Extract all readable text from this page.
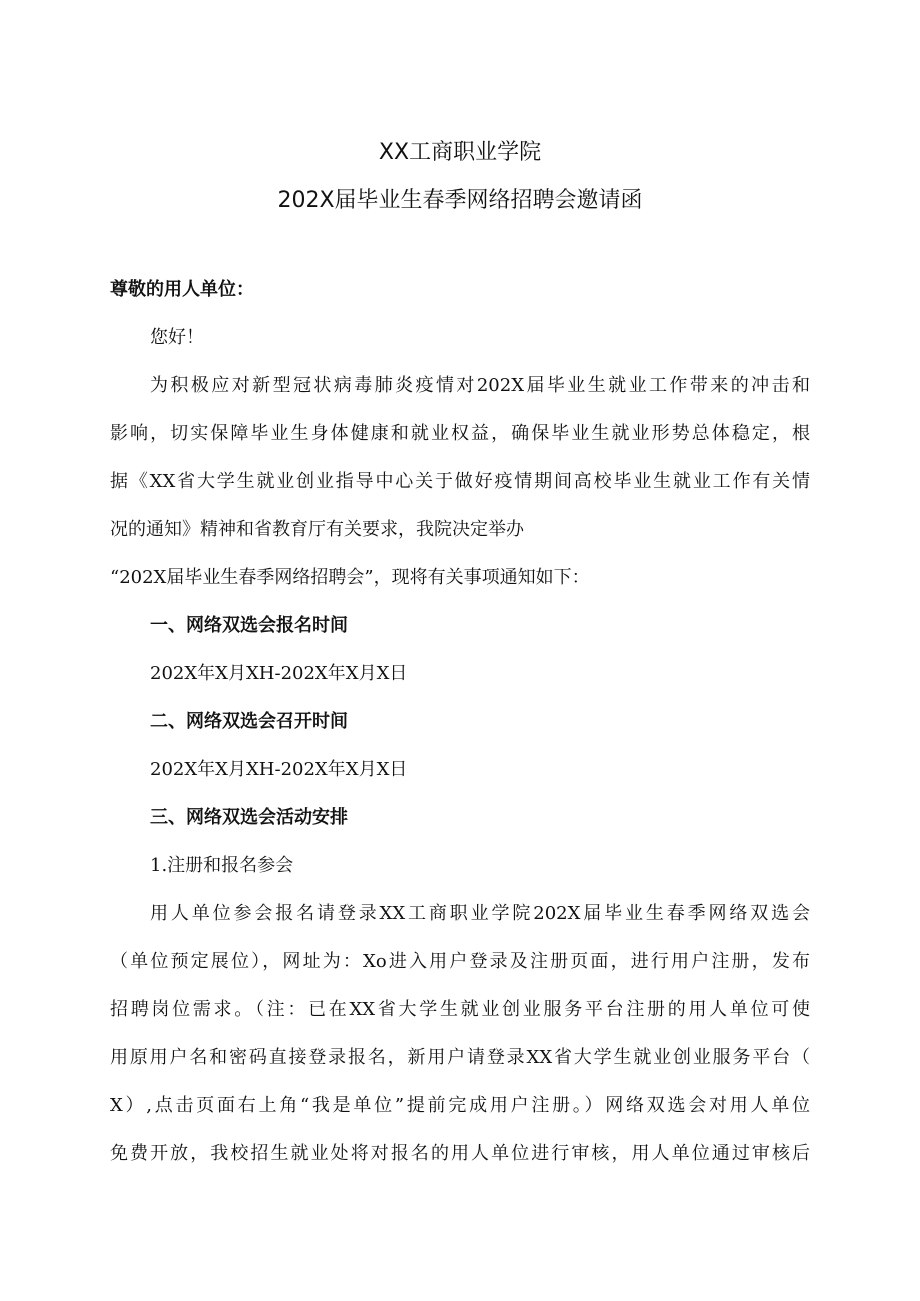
XX工商职业学院
202X届毕业生春季网络招聘会邀请函
尊敬的用人单位：
您好！
为积极应对新型冠状病毒肺炎疫情对202X届毕业生就业工作带来的冲击和
影响，切实保障毕业生身体健康和就业权益，确保毕业生就业形势总体稳定，根
据《XX省大学生就业创业指导中心关于做好疫情期间高校毕业生就业工作有关情
况的通知》精神和省教育厅有关要求，我院决定举办
“202X届毕业生春季网络招聘会”，现将有关事项通知如下：
一、网络双选会报名时间
202X年X月XH-202X年X月X日
二、网络双选会召开时间
202X年X月XH-202X年X月X日
三、网络双选会活动安排
1.注册和报名参会
用人单位参会报名请登录XX工商职业学院202X届毕业生春季网络双选会
（单位预定展位），网址为：Xo进入用户登录及注册页面，进行用户注册，发布
招聘岗位需求。（注：已在XX省大学生就业创业服务平台注册的用人单位可使
用原用户名和密码直接登录报名，新用户请登录XX省大学生就业创业服务平台（
X）,点击页面右上角“我是单位”提前完成用户注册。）网络双选会对用人单位
免费开放，我校招生就业处将对报名的用人单位进行审核，用人单位通过审核后
